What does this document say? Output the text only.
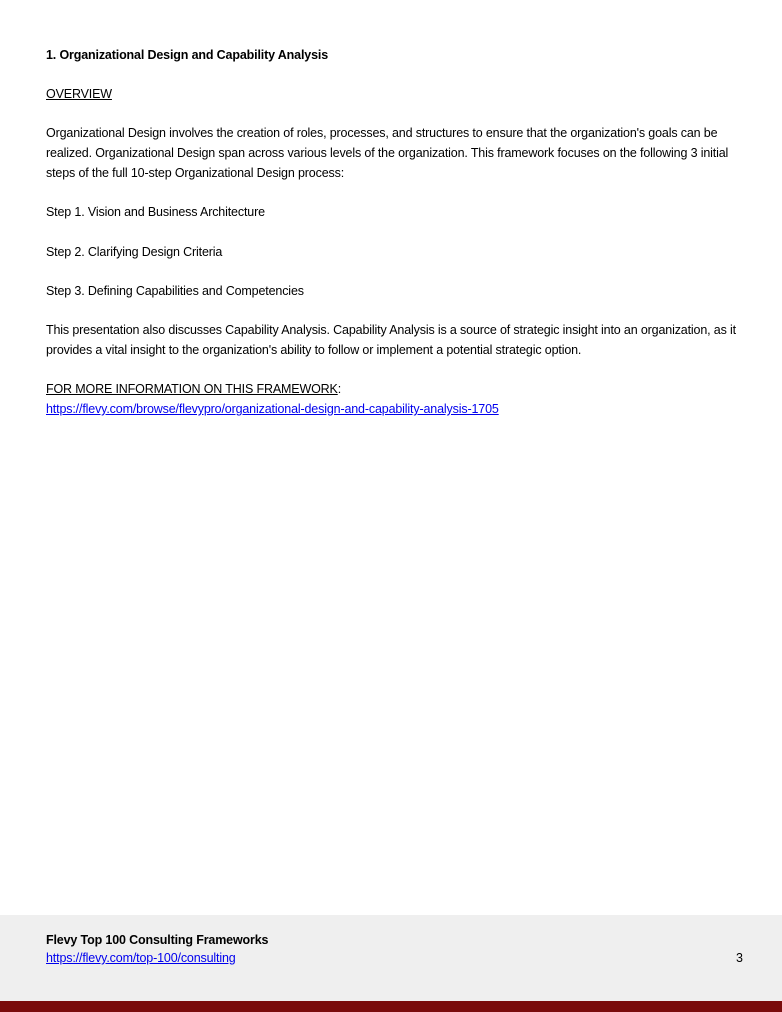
1. Organizational Design and Capability Analysis
OVERVIEW

Organizational Design involves the creation of roles, processes, and structures to ensure that the organization's goals can be realized. Organizational Design span across various levels of the organization. This framework focuses on the following 3 initial steps of the full 10-step Organizational Design process:

Step 1. Vision and Business Architecture

Step 2. Clarifying Design Criteria

Step 3. Defining Capabilities and Competencies

This presentation also discusses Capability Analysis. Capability Analysis is a source of strategic insight into an organization, as it provides a vital insight to the organization's ability to follow or implement a potential strategic option.

FOR MORE INFORMATION ON THIS FRAMEWORK:
https://flevy.com/browse/flevypro/organizational-design-and-capability-analysis-1705
Flevy Top 100 Consulting Frameworks
https://flevy.com/top-100/consulting	3
